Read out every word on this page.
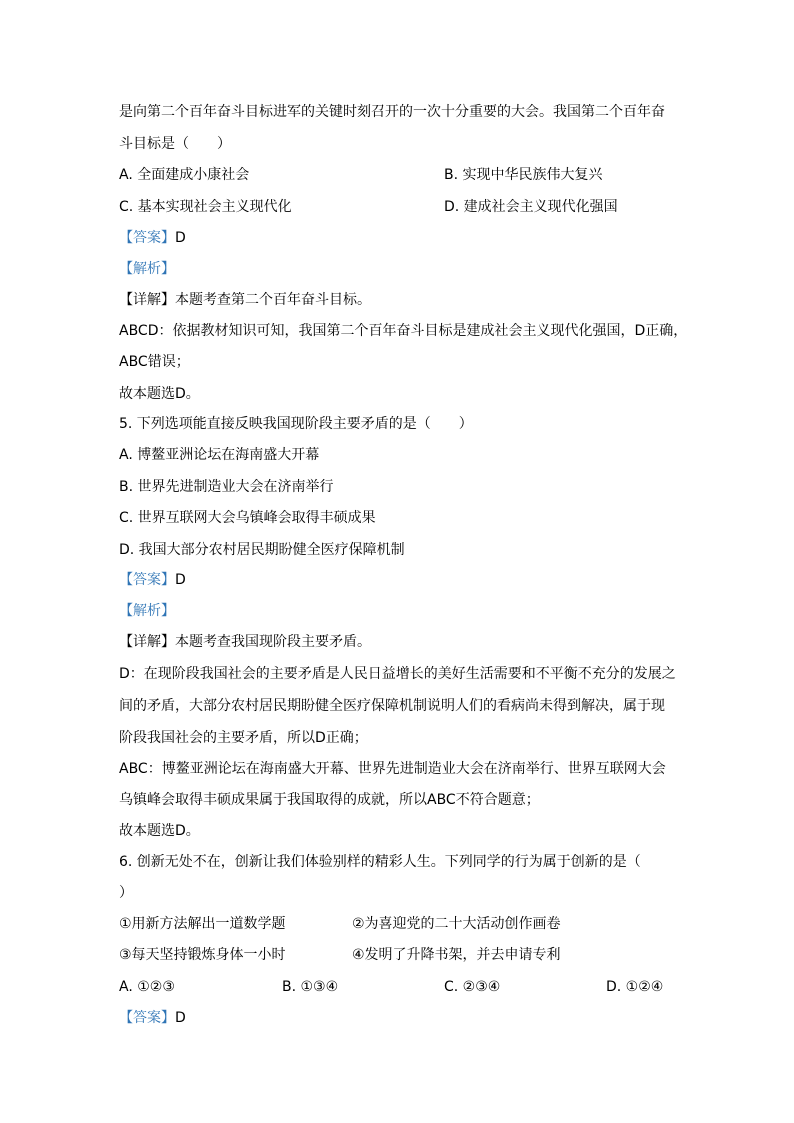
是向第二个百年奋斗目标进军的关键时刻召开的一次十分重要的大会。我国第二个百年奋
斗目标是（　　）
A. 全面建成小康社会	B. 实现中华民族伟大复兴
C. 基本实现社会主义现代化	D. 建成社会主义现代化强国
【答案】D
【解析】
【详解】本题考查第二个百年奋斗目标。
ABCD：依据教材知识可知，我国第二个百年奋斗目标是建成社会主义现代化强国，D正确，
ABC错误；
故本题选D。
5. 下列选项能直接反映我国现阶段主要矛盾的是（　　）
A. 博鳌亚洲论坛在海南盛大开幕
B. 世界先进制造业大会在济南举行
C. 世界互联网大会乌镇峰会取得丰硕成果
D. 我国大部分农村居民期盼健全医疗保障机制
【答案】D
【解析】
【详解】本题考查我国现阶段主要矛盾。
D：在现阶段我国社会的主要矛盾是人民日益增长的美好生活需要和不平衡不充分的发展之
间的矛盾，大部分农村居民期盼健全医疗保障机制说明人们的看病尚未得到解决，属于现
阶段我国社会的主要矛盾，所以D正确；
ABC：博鳌亚洲论坛在海南盛大开幕、世界先进制造业大会在济南举行、世界互联网大会
乌镇峰会取得丰硕成果属于我国取得的成就，所以ABC不符合题意；
故本题选D。
6. 创新无处不在，创新让我们体验别样的精彩人生。下列同学的行为属于创新的是（
）
①用新方法解出一道数学题	②为喜迎党的二十大活动创作画卷
③每天坚持锻炼身体一小时	④发明了升降书架，并去申请专利
A. ①②③	B. ①③④	C. ②③④	D. ①②④
【答案】D
